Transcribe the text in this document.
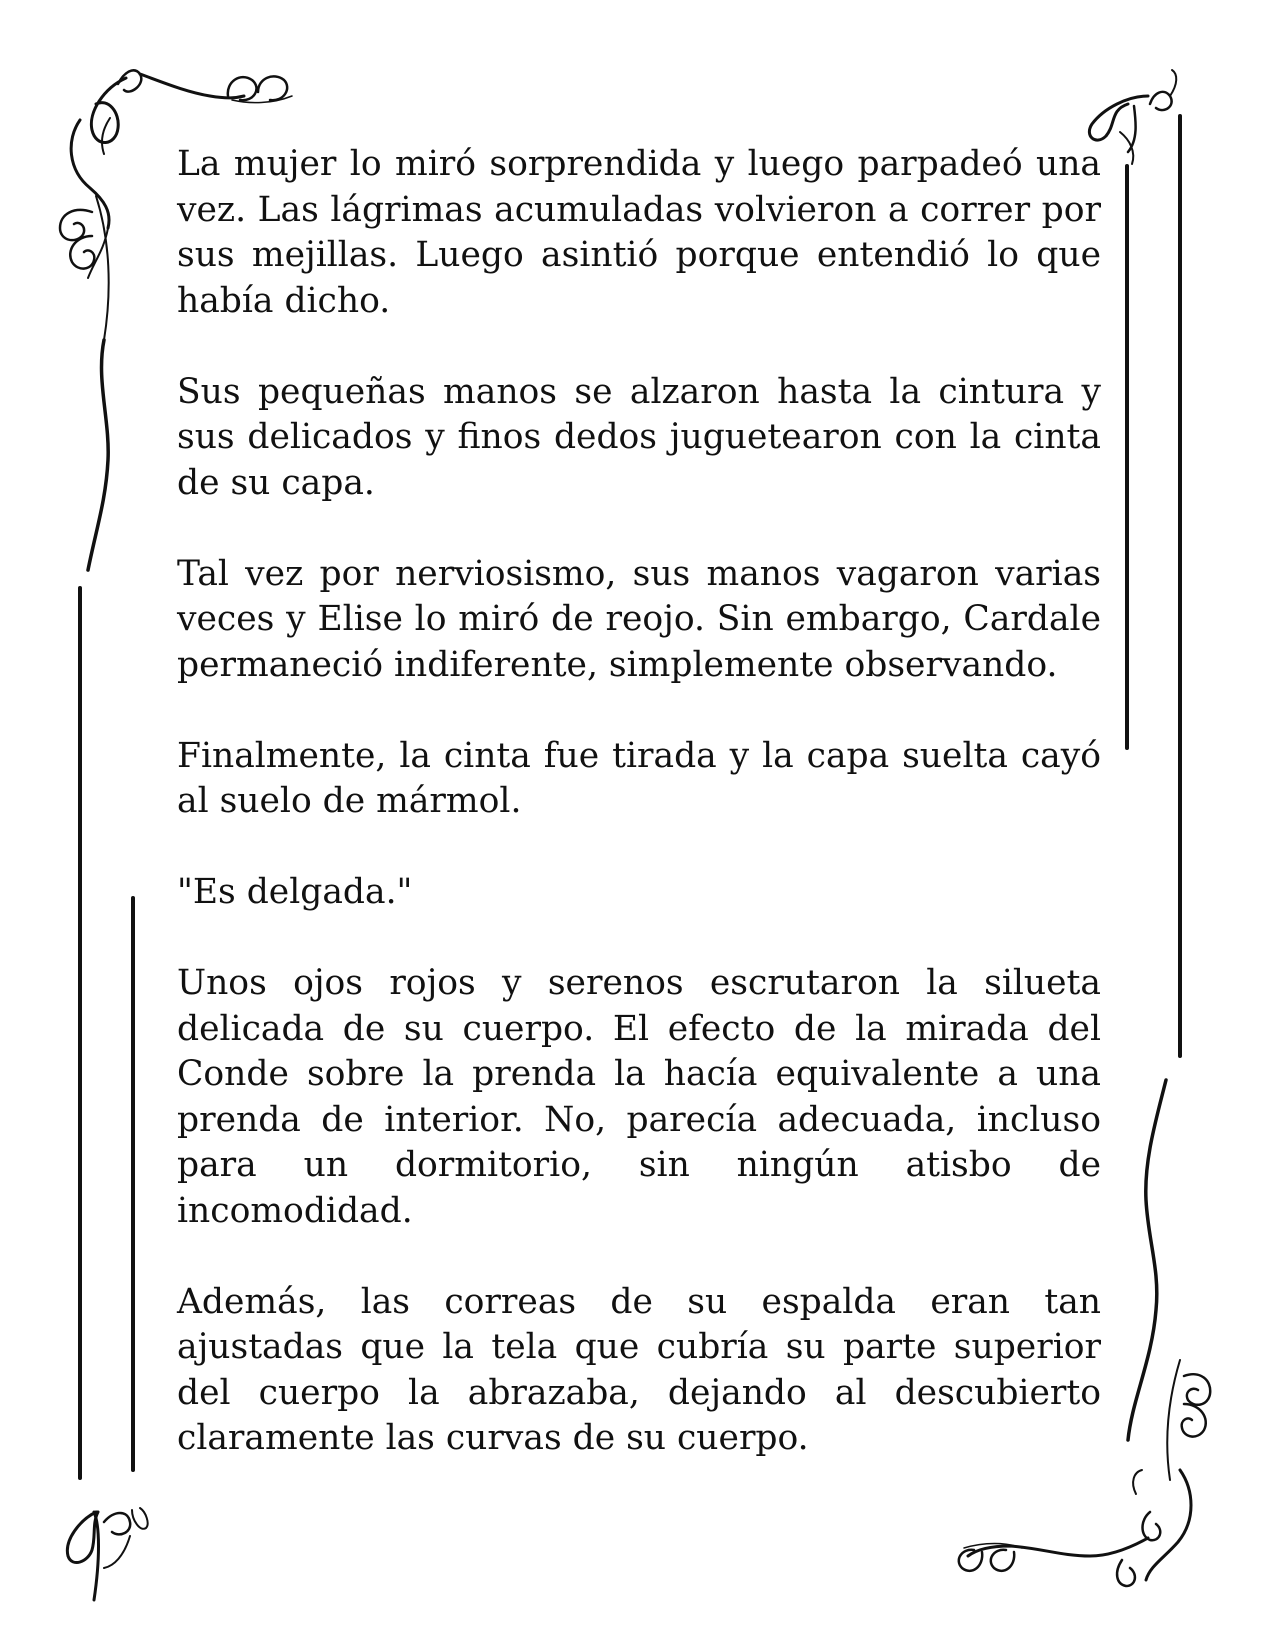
La mujer lo miró sorprendida y luego parpadeó una vez. Las lágrimas acumuladas volvieron a correr por sus mejillas. Luego asintió porque entendió lo que había dicho.

Sus pequeñas manos se alzaron hasta la cintura y sus delicados y finos dedos juguetearon con la cinta de su capa.

Tal vez por nerviosismo, sus manos vagaron varias veces y Elise lo miró de reojo. Sin embargo, Cardale permaneció indiferente, simplemente observando.

Finalmente, la cinta fue tirada y la capa suelta cayó al suelo de mármol.

"Es delgada."

Unos ojos rojos y serenos escrutaron la silueta delicada de su cuerpo. El efecto de la mirada del Conde sobre la prenda la hacía equivalente a una prenda de interior. No, parecía adecuada, incluso para un dormitorio, sin ningún atisbo de incomodidad.

Además, las correas de su espalda eran tan ajustadas que la tela que cubría su parte superior del cuerpo la abrazaba, dejando al descubierto claramente las curvas de su cuerpo.
